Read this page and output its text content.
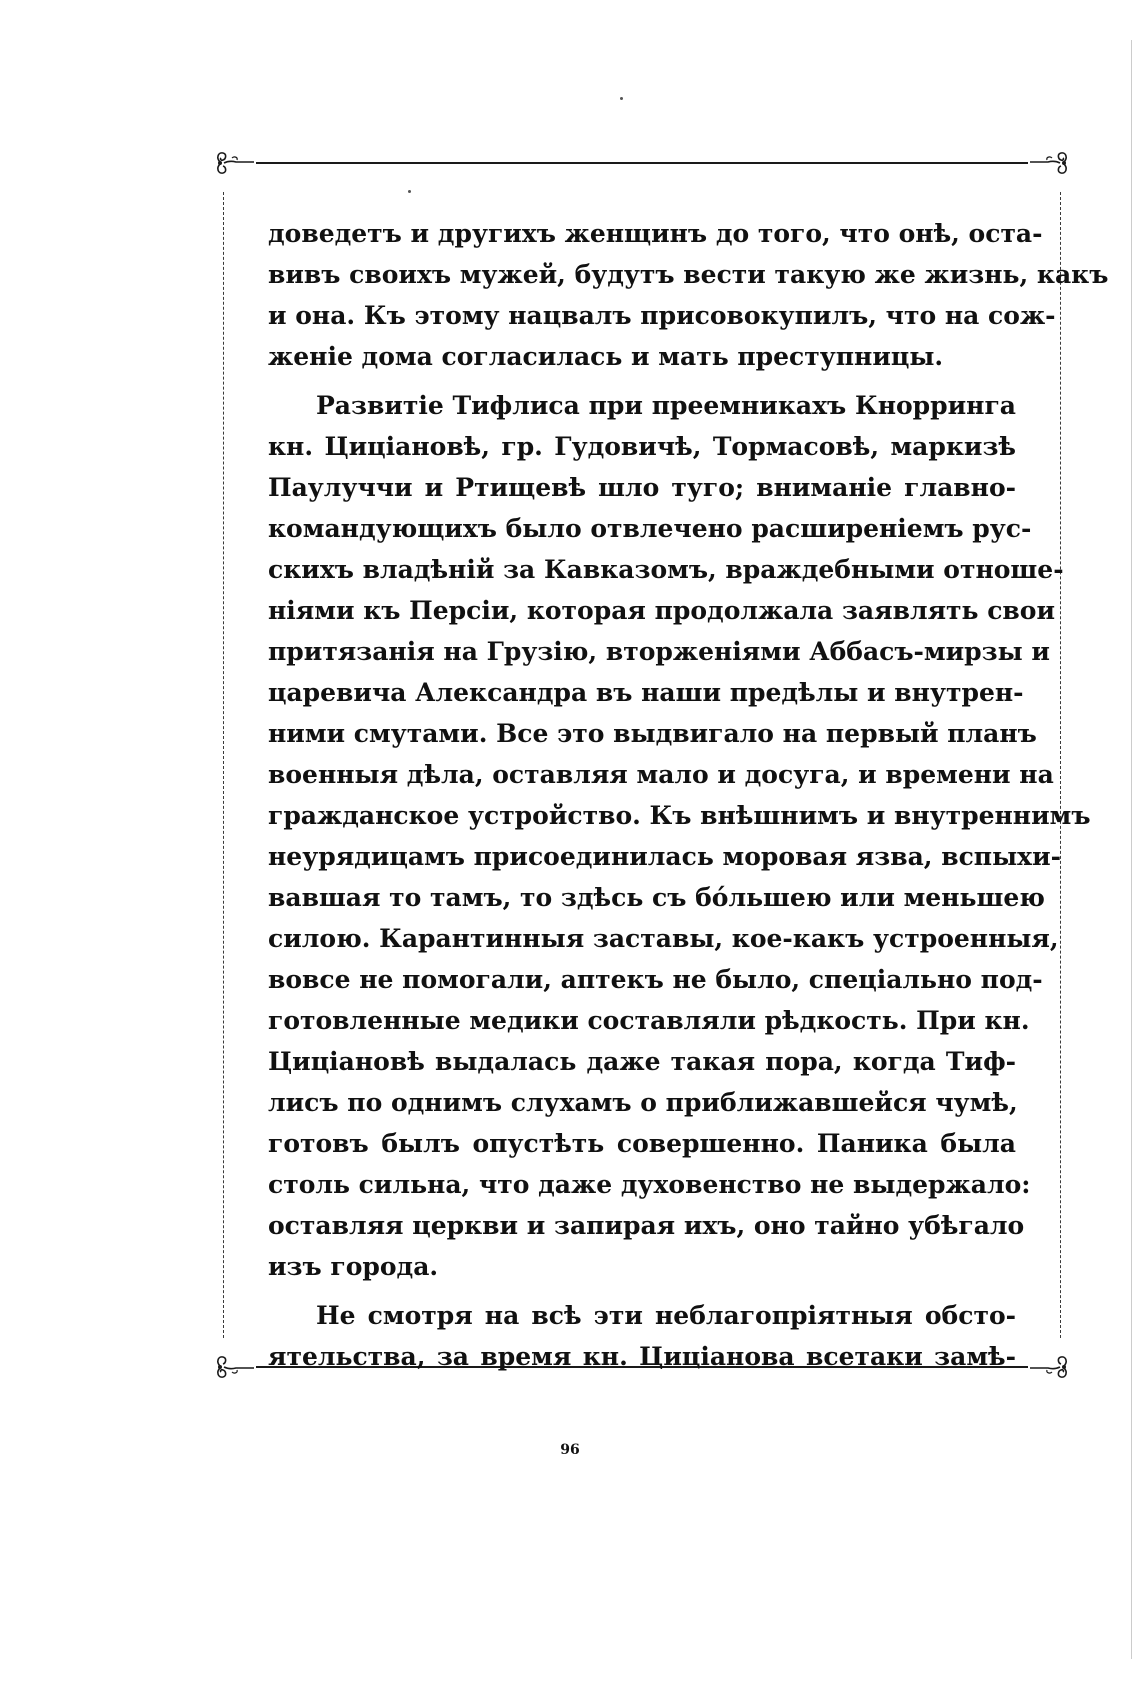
доведетъ и другихъ женщинъ до того, что онѣ, оста-
вивъ своихъ мужей, будутъ вести такую же жизнь, какъ
и она. Къ этому нацвалъ присовокупилъ, что на сож-
женіе дома согласилась и мать преступницы.
Развитіе Тифлиса при преемникахъ Кнорринга
кн. Циціановѣ, гр. Гудовичѣ, Тормасовѣ, маркизѣ
Паулуччи и Ртищевѣ шло туго; вниманіе главно-
командующихъ было отвлечено расширеніемъ рус-
скихъ владѣній за Кавказомъ, враждебными отноше-
ніями къ Персіи, которая продолжала заявлять свои
притязанія на Грузію, вторженіями Аббасъ-мирзы и
царевича Александра въ наши предѣлы и внутрен-
ними смутами. Все это выдвигало на первый планъ
военныя дѣла, оставляя мало и досуга, и времени на
гражданское устройство. Къ внѣшнимъ и внутреннимъ
неурядицамъ присоединилась моровая язва, вспыхи-
вавшая то тамъ, то здѣсь съ бо́льшею или меньшею
силою. Карантинныя заставы, кое-какъ устроенныя,
вовсе не помогали, аптекъ не было, спеціально под-
готовленные медики составляли рѣдкость. При кн.
Циціановѣ выдалась даже такая пора, когда Тиф-
лисъ по однимъ слухамъ о приближавшейся чумѣ,
готовъ былъ опустѣть совершенно. Паника была
столь сильна, что даже духовенство не выдержало:
оставляя церкви и запирая ихъ, оно тайно убѣгало
изъ города.
Не смотря на всѣ эти неблагопріятныя обсто-
ятельства, за время кн. Циціанова всетаки замѣ-
96
